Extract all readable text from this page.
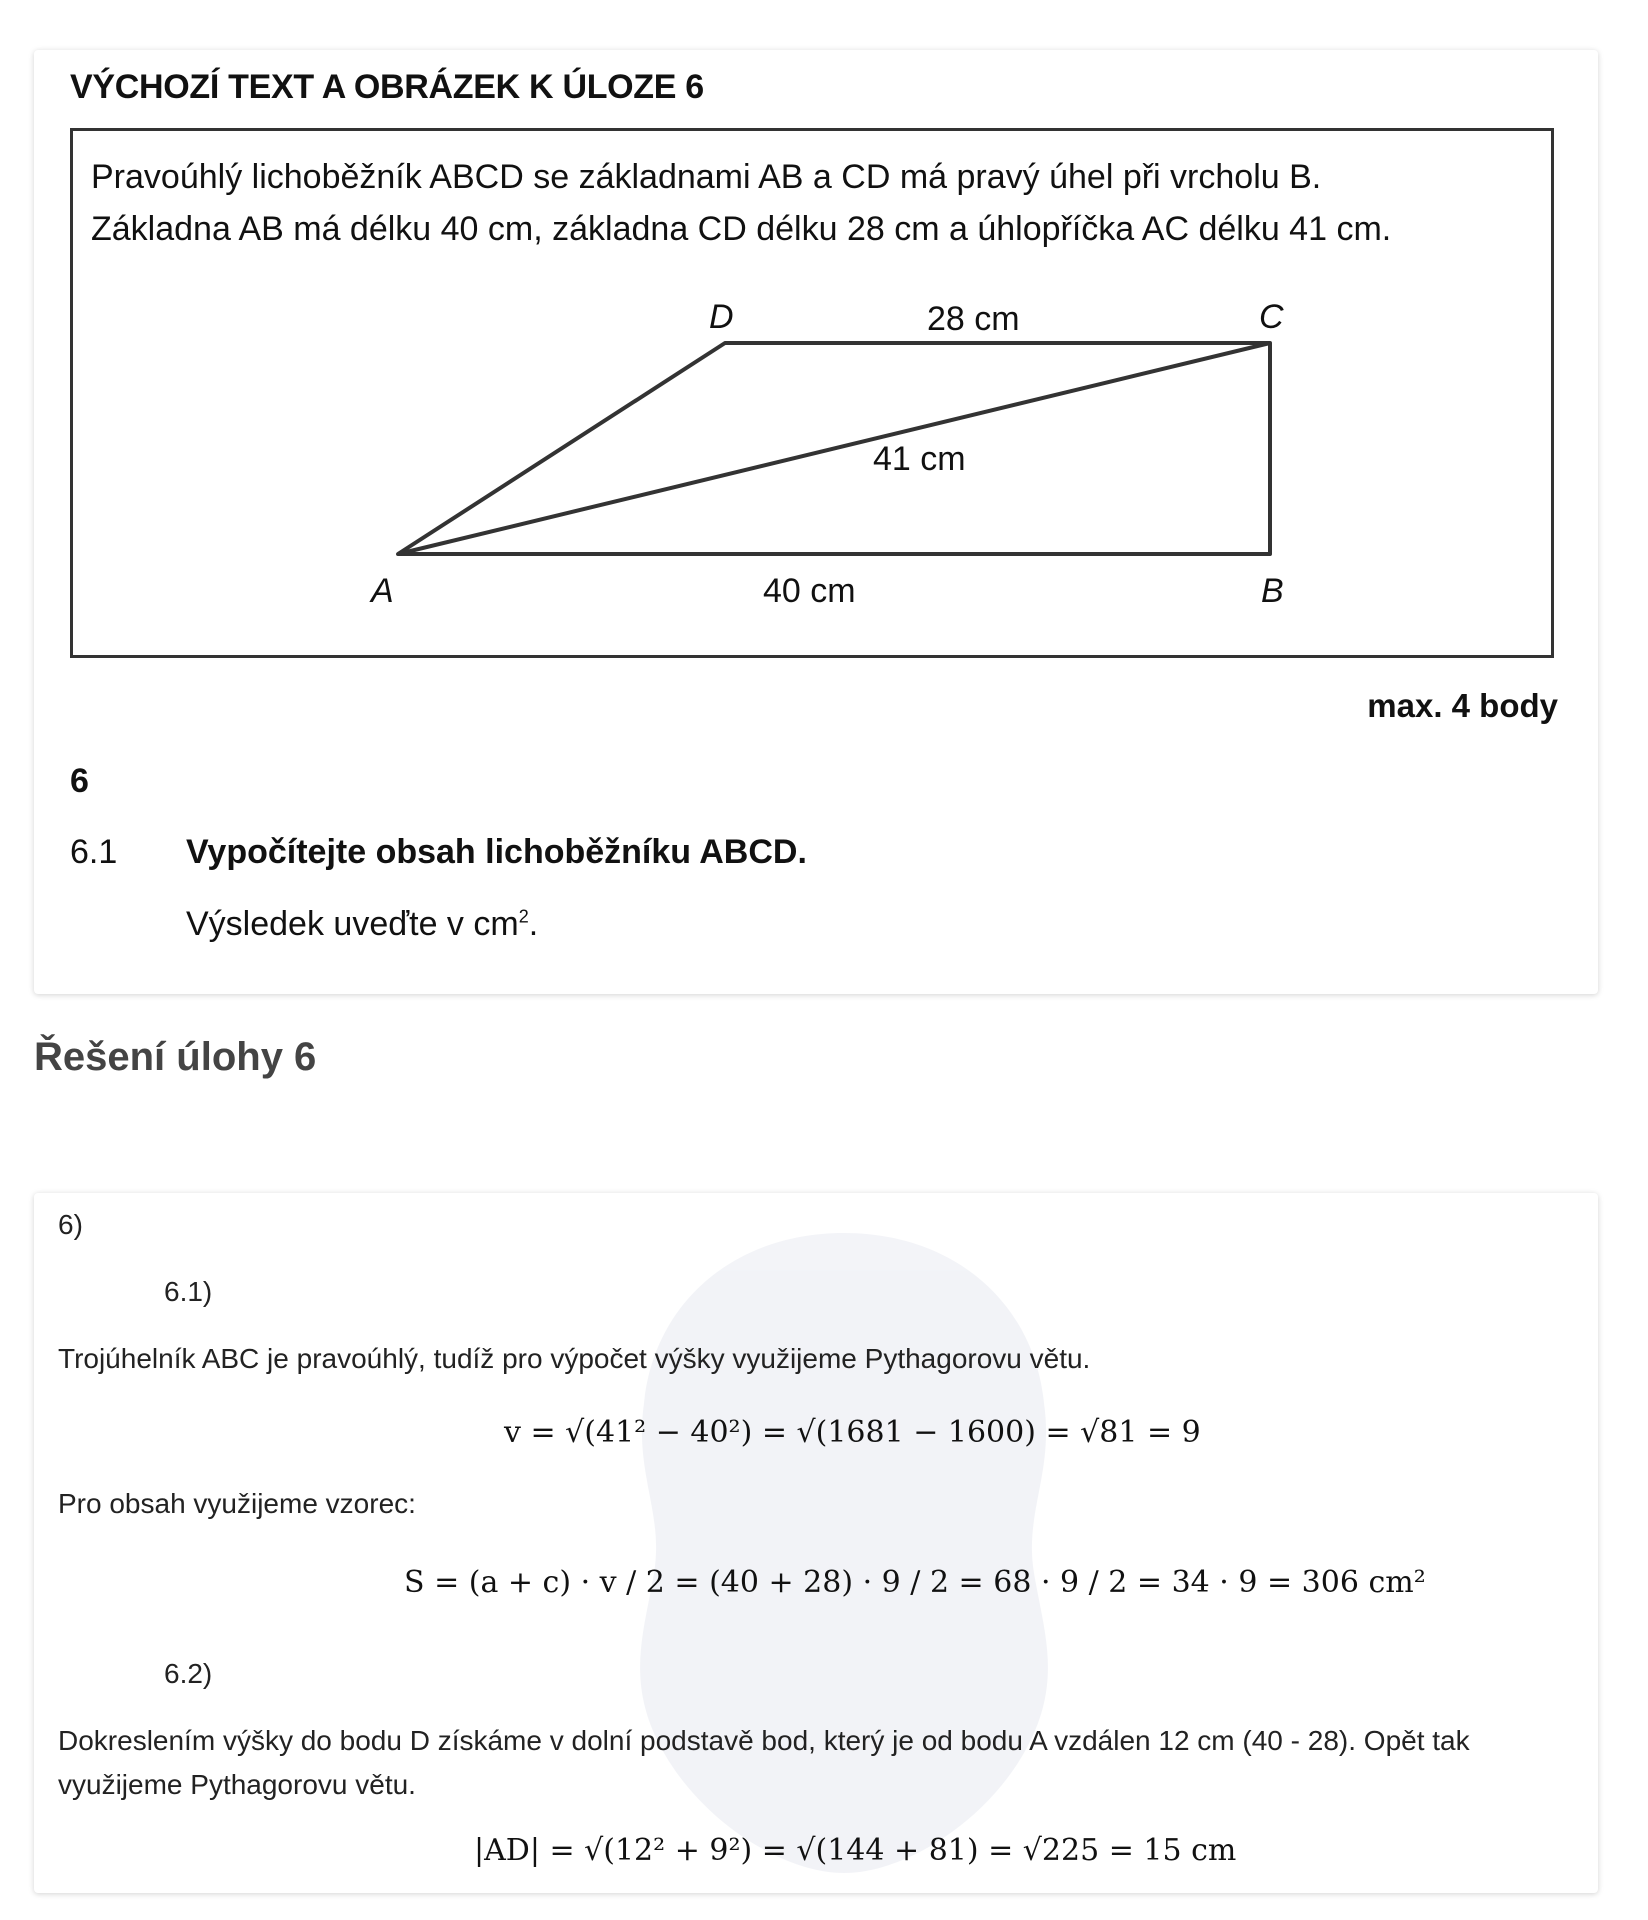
VÝCHOZÍ TEXT A OBRÁZEK K ÚLOZE 6
D	C
A	B
28 cm
41 cm
40 cm
Pravoúhlý lichoběžník ABCD se základnami AB a CD má pravý úhel při vrcholu B.
Základna AB má délku 40 cm, základna CD délku 28 cm a úhlopříčka AC délku 41 cm.
max. 4 body
6
6.1 Vypočítejte obsah lichoběžníku ABCD.
Výsledek uveďte v $cm^2$.
Řešení úlohy 6
6)
6.1)
Trojúhelník ABC je pravoúhlý, tudíž pro výpočet výšky využijeme Pythagorovu větu.
v = √(41² − 40²) = √(1681 − 1600) = √81 = 9
Pro obsah využijeme vzorec:
S = (a + c) · v / 2 = (40 + 28) · 9 / 2 = 68 · 9 / 2 = 34 · 9 = 306 cm²
6.2)
Dokreslením výšky do bodu D získáme v dolní podstavě bod, který je od bodu A vzdálen 12 cm (40 - 28). Opět tak
využijeme Pythagorovu větu.
|AD| = √(12² + 9²) = √(144 + 81) = √225 = 15 cm
